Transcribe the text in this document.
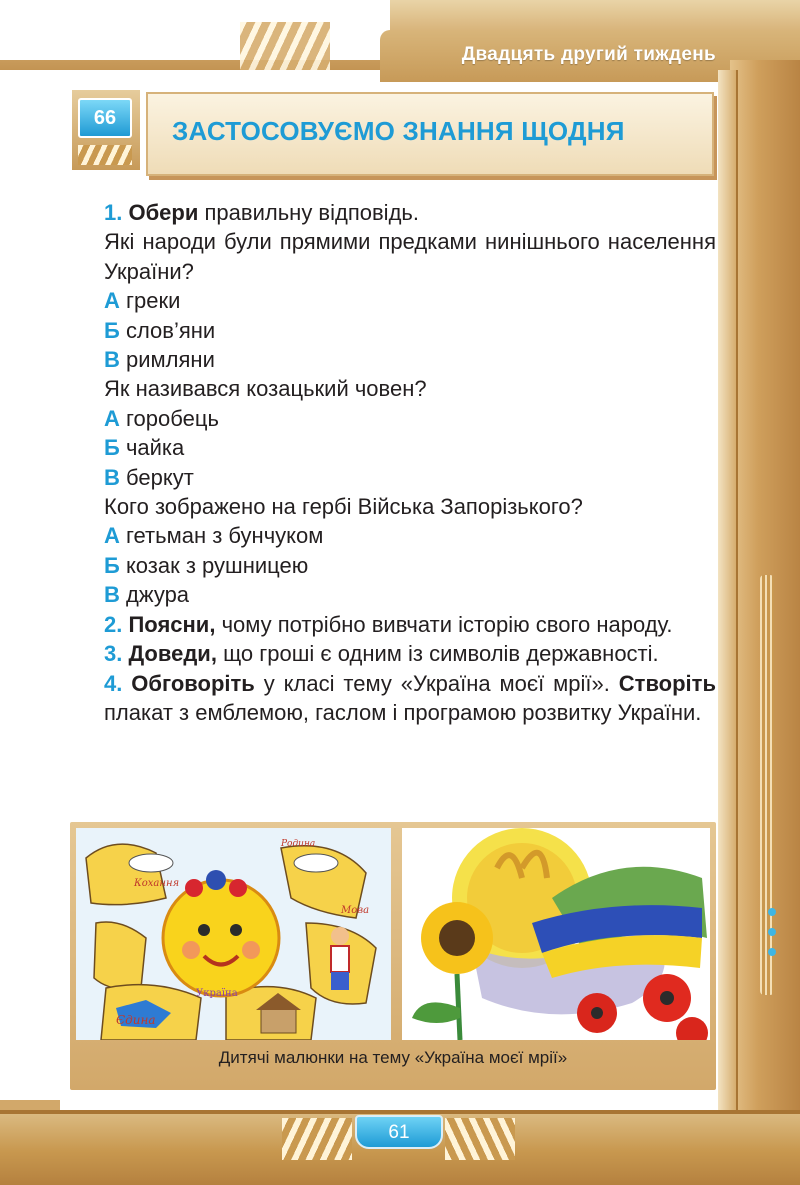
Двадцять другий тиждень
61
66	ЗАСТОСОВУЄМО ЗНАННЯ ЩОДНЯ

1. Обери правильну відповідь.

Які народи були прямими предками нинішнього населення України?

А греки

Б слов’яни

В римляни

Як називався козацький човен?

А горобець

Б чайка

В беркут

Кого зображено на гербі Війська Запорізького?

А гетьман з бунчуком

Б козак з рушницею

В джура

2. Поясни, чому потрібно вивчати історію свого народу.

3. Доведи, що гроші є одним із символів державності.

4. Обговоріть у класі тему «Україна моєї мрії». Створіть плакат з емблемою, гаслом і програмою розвитку України.

Родина
Кохання
Мова
Єдина
Україна
Дитячі малюнки на тему «Україна моєї мрії»
